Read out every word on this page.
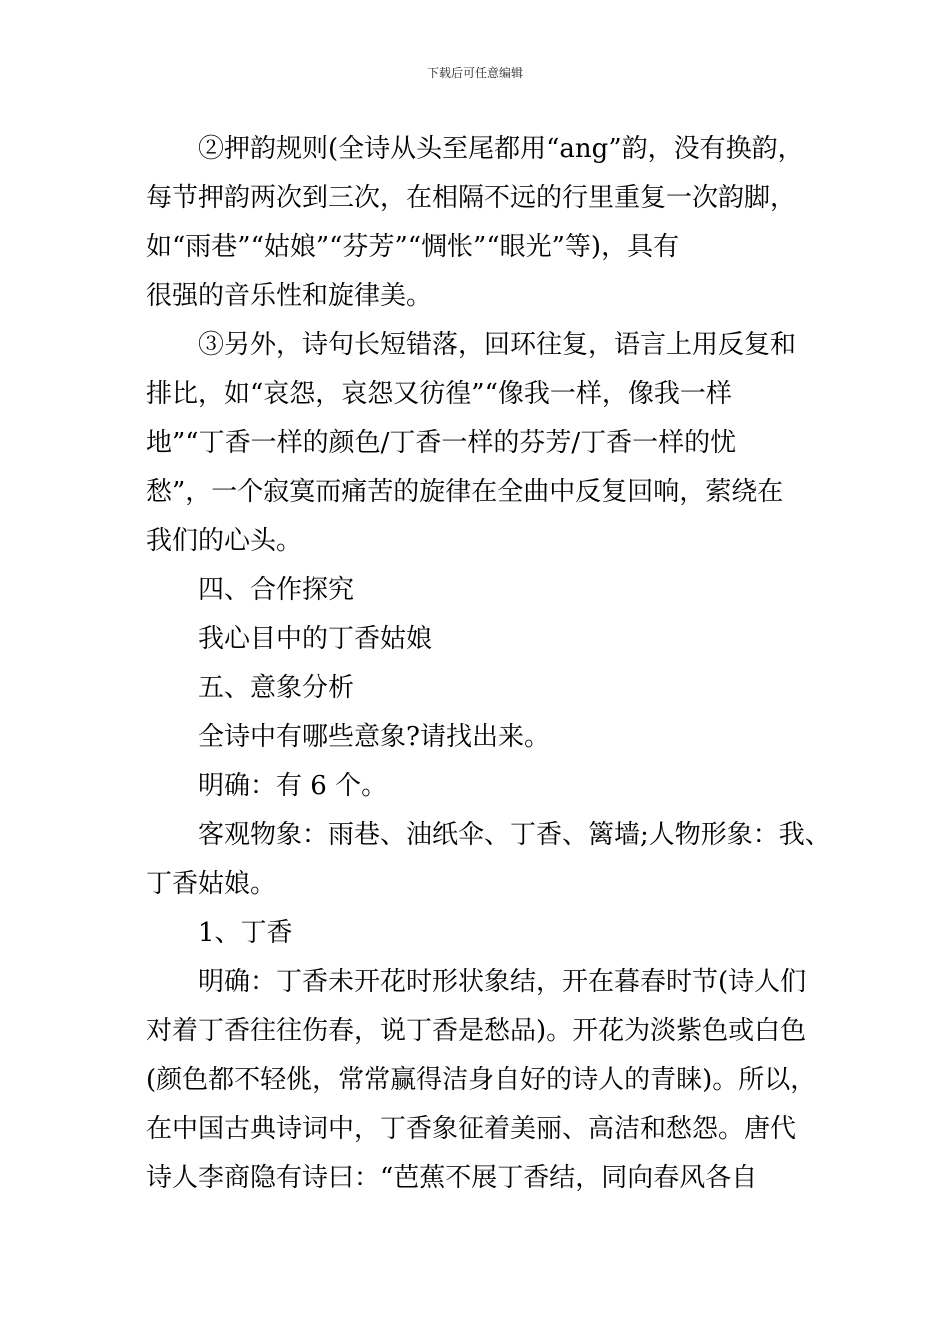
下载后可任意编辑
②押韵规则(全诗从头至尾都用“ang”韵，没有换韵，
每节押韵两次到三次，在相隔不远的行里重复一次韵脚，
如“雨巷”“姑娘”“芬芳”“惆怅”“眼光”等)，具有
很强的音乐性和旋律美。
③另外，诗句长短错落，回环往复，语言上用反复和
排比，如“哀怨，哀怨又彷徨”“像我一样，像我一样
地”“丁香一样的颜色/丁香一样的芬芳/丁香一样的忧
愁”，一个寂寞而痛苦的旋律在全曲中反复回响，萦绕在
我们的心头。
四、合作探究
我心目中的丁香姑娘
五、意象分析
全诗中有哪些意象?请找出来。
明确：有 6 个。
客观物象：雨巷、油纸伞、丁香、篱墙;人物形象：我、
丁香姑娘。
1、丁香
明确：丁香未开花时形状象结，开在暮春时节(诗人们
对着丁香往往伤春，说丁香是愁品)。开花为淡紫色或白色
(颜色都不轻佻，常常赢得洁身自好的诗人的青睐)。所以，
在中国古典诗词中，丁香象征着美丽、高洁和愁怨。唐代
诗人李商隐有诗曰：“芭蕉不展丁香结，同向春风各自
